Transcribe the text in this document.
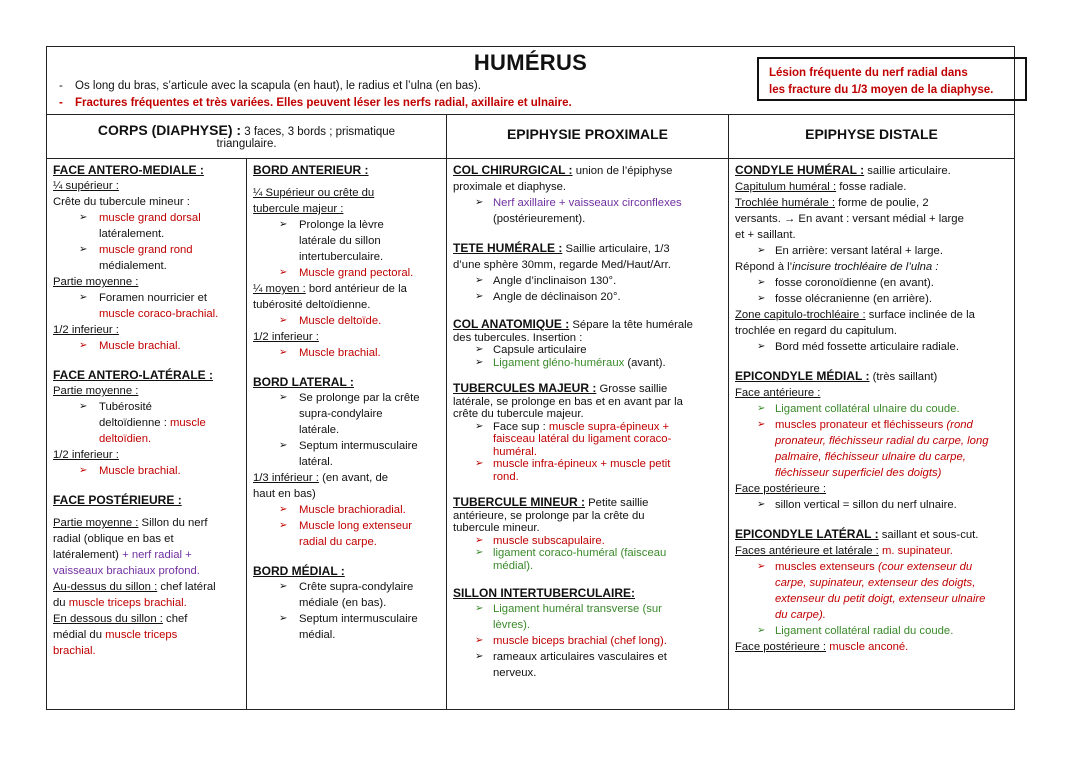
HUMÉRUS
- Os long du bras, s’articule avec la scapula (en haut), le radius et l’ulna (en bas).
- Fractures fréquentes et très variées. Elles peuvent léser les nerfs radial, axillaire et ulnaire.
Lésion fréquente du nerf radial dans
les fracture du 1/3 moyen de la diaphyse.
CORPS (DIAPHYSE) : 3 faces, 3 bords ; prismatique
triangulaire.
EPIPHYSIE PROXIMALE	EPIPHYSE DISTALE
FACE ANTERO-MEDIALE :
¼ supérieur :
Crête du tubercule mineur :
➢ muscle grand dorsal
latéralement.
➢ muscle grand rond
médialement.
Partie moyenne :
➢ Foramen nourricier et
muscle coraco-brachial.
1/2 inferieur :
➢ Muscle brachial.
FACE ANTERO-LATÉRALE :
Partie moyenne :
➢ Tubérosité
deltoïdienne : muscle
deltoïdien.
1/2 inferieur :
➢ Muscle brachial.
FACE POSTÉRIEURE :
Partie moyenne : Sillon du nerf
radial (oblique en bas et
latéralement) + nerf radial +
vaisseaux brachiaux profond.
Au-dessus du sillon : chef latéral
du muscle triceps brachial.
En dessous du sillon : chef
médial du muscle triceps
brachial.
BORD ANTERIEUR :
¼ Supérieur ou crête du
tubercule majeur :
➢ Prolonge la lèvre
latérale du sillon
intertuberculaire.
➢ Muscle grand pectoral.
¼ moyen : bord antérieur de la
tubérosité deltoïdienne.
➢ Muscle deltoïde.
1/2 inferieur :
➢ Muscle brachial.
BORD LATERAL :
➢ Se prolonge par la crête
supra-condylaire
latérale.
➢ Septum intermusculaire
latéral.
1/3 inférieur : (en avant, de
haut en bas)
➢ Muscle brachioradial.
➢ Muscle long extenseur
radial du carpe.
BORD MÉDIAL :
➢ Crête supra-condylaire
médiale (en bas).
➢ Septum intermusculaire
médial.
COL CHIRURGICAL : union de l’épiphyse
proximale et diaphyse.
➢ Nerf axillaire + vaisseaux circonflexes
(postérieurement).
TETE HUMÉRALE : Saillie articulaire, 1/3
d’une sphère 30mm, regarde Med/Haut/Arr.
➢ Angle d’inclinaison 130°.
➢ Angle de déclinaison 20°.
COL ANATOMIQUE : Sépare la tête humérale
des tubercules. Insertion :
➢ Capsule articulaire
➢ Ligament gléno-huméraux (avant).
TUBERCULES MAJEUR : Grosse saillie
latérale, se prolonge en bas et en avant par la
crête du tubercule majeur.
➢ Face sup : muscle supra-épineux +
faisceau latéral du ligament coraco-
huméral.
➢ muscle infra-épineux + muscle petit
rond.
TUBERCULE MINEUR : Petite saillie
antérieure, se prolonge par la crête du
tubercule mineur.
➢ muscle subscapulaire.
➢ ligament coraco-huméral (faisceau
médial).
SILLON INTERTUBERCULAIRE:
➢ Ligament huméral transverse (sur
lèvres).
➢ muscle biceps brachial (chef long).
➢ rameaux articulaires vasculaires et
nerveux.
CONDYLE HUMÉRAL : saillie articulaire.
Capitulum huméral : fosse radiale.
Trochlée humérale : forme de poulie, 2
versants. → En avant : versant médial + large
et + saillant.
➢ En arrière: versant latéral + large.
Répond à l’incisure trochléaire de l’ulna :
➢ fosse coronoïdienne (en avant).
➢ fosse olécranienne (en arrière).
Zone capitulo-trochléaire : surface inclinée de la
trochlée en regard du capitulum.
➢ Bord méd fossette articulaire radiale.
EPICONDYLE MÉDIAL : (très saillant)
Face antérieure :
➢ Ligament collatéral ulnaire du coude.
➢ muscles pronateur et fléchisseurs (rond
pronateur, fléchisseur radial du carpe, long
palmaire, fléchisseur ulnaire du carpe,
fléchisseur superficiel des doigts)
Face postérieure :
➢ sillon vertical = sillon du nerf ulnaire.
EPICONDYLE LATÉRAL : saillant et sous-cut.
Faces antérieure et latérale : m. supinateur.
➢ muscles extenseurs (cour extenseur du
carpe, supinateur, extenseur des doigts,
extenseur du petit doigt, extenseur ulnaire
du carpe).
➢ Ligament collatéral radial du coude.
Face postérieure : muscle anconé.
